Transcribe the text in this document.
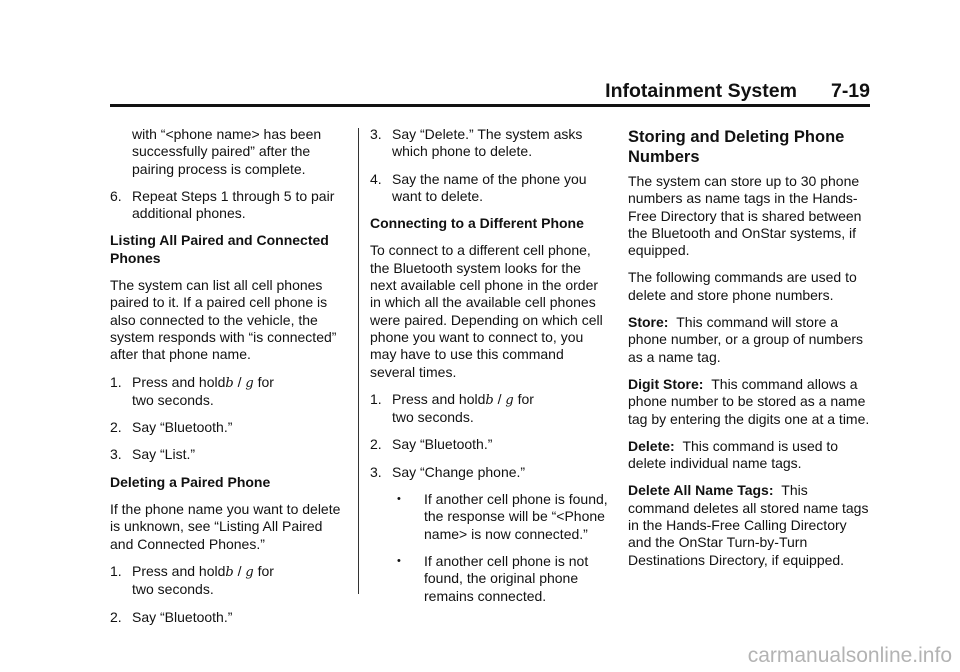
Infotainment System 7-19

with “<phone name> has been successfully paired” after the pairing process is complete.

6. Repeat Steps 1 through 5 to pair additional phones.

Listing All Paired and Connected Phones

The system can list all cell phones paired to it. If a paired cell phone is also connected to the vehicle, the system responds with “is connected” after that phone name.

1. Press and holdb / g for
two seconds.
2. Say “Bluetooth.”
3. Say “List.”

Deleting a Paired Phone

If the phone name you want to delete is unknown, see “Listing All Paired and Connected Phones.”

1. Press and holdb / g for
two seconds.
2. Say “Bluetooth.”
3. Say “Delete.” The system asks which phone to delete.
4. Say the name of the phone you want to delete.

Connecting to a Different Phone

To connect to a different cell phone, the Bluetooth system looks for the next available cell phone in the order in which all the available cell phones were paired. Depending on which cell phone you want to connect to, you may have to use this command several times.

1. Press and holdb / g for
two seconds.
2. Say “Bluetooth.”
3. Say “Change phone.”
•	If another cell phone is found, the response will be “<Phone name> is now connected.”
•	If another cell phone is not found, the original phone remains connected.

Storing and Deleting Phone Numbers

The system can store up to 30 phone numbers as name tags in the Hands-Free Directory that is shared between the Bluetooth and OnStar systems, if equipped.

The following commands are used to delete and store phone numbers.

Store: This command will store a phone number, or a group of numbers as a name tag.

Digit Store: This command allows a phone number to be stored as a name tag by entering the digits one at a time.

Delete: This command is used to delete individual name tags.

Delete All Name Tags: This command deletes all stored name tags in the Hands-Free Calling Directory and the OnStar Turn-by-Turn Destinations Directory, if equipped.

carmanualsonline.info
